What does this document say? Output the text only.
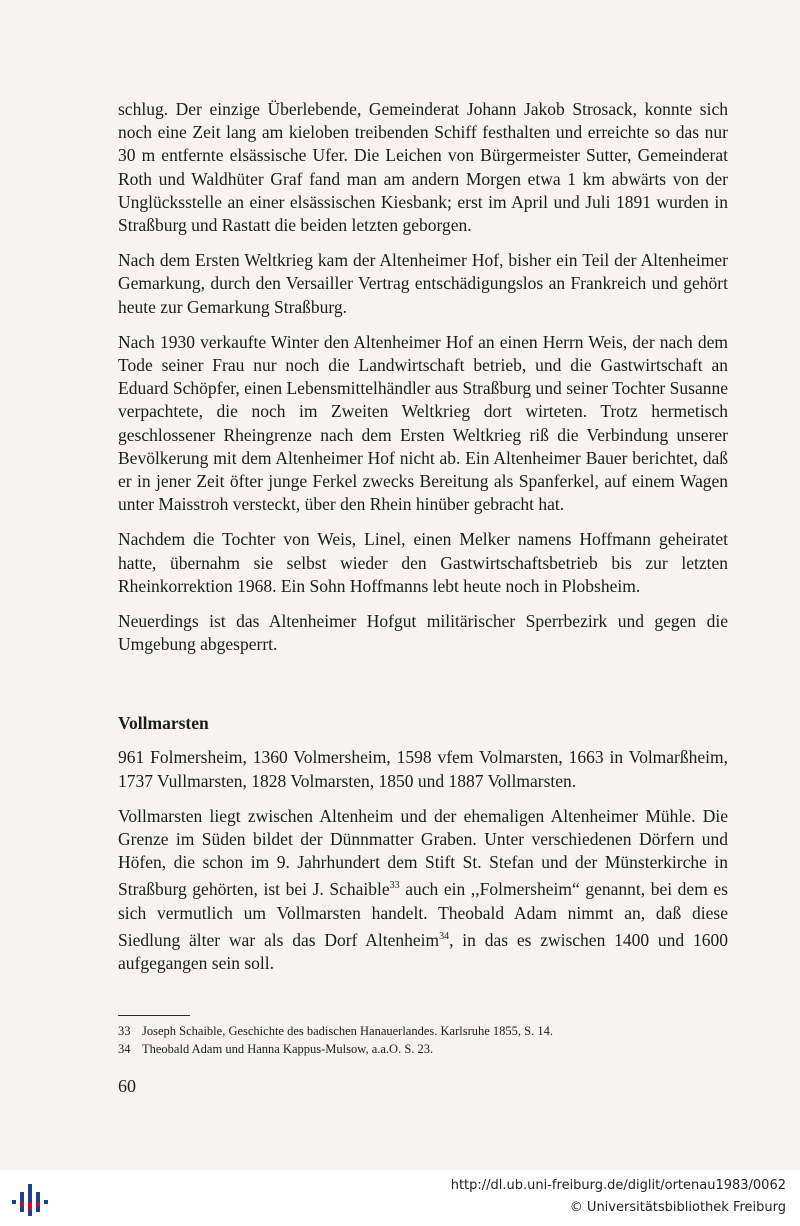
schlug. Der einzige Überlebende, Gemeinderat Johann Jakob Strosack, konnte sich noch eine Zeit lang am kieloben treibenden Schiff festhalten und erreichte so das nur 30 m entfernte elsässische Ufer. Die Leichen von Bürgermeister Sutter, Gemeinderat Roth und Waldhüter Graf fand man am andern Morgen etwa 1 km abwärts von der Unglücksstelle an einer elsässischen Kiesbank; erst im April und Juli 1891 wurden in Straßburg und Rastatt die beiden letzten geborgen.

Nach dem Ersten Weltkrieg kam der Altenheimer Hof, bisher ein Teil der Altenheimer Gemarkung, durch den Versailler Vertrag entschädigungslos an Frankreich und gehört heute zur Gemarkung Straßburg.

Nach 1930 verkaufte Winter den Altenheimer Hof an einen Herrn Weis, der nach dem Tode seiner Frau nur noch die Landwirtschaft betrieb, und die Gastwirtschaft an Eduard Schöpfer, einen Lebensmittelhändler aus Straßburg und seiner Tochter Susanne verpachtete, die noch im Zweiten Weltkrieg dort wirteten. Trotz hermetisch geschlossener Rheingrenze nach dem Ersten Weltkrieg riß die Verbindung unserer Bevölkerung mit dem Altenheimer Hof nicht ab. Ein Altenheimer Bauer berichtet, daß er in jener Zeit öfter junge Ferkel zwecks Bereitung als Spanferkel, auf einem Wagen unter Maisstroh versteckt, über den Rhein hinüber gebracht hat.

Nachdem die Tochter von Weis, Linel, einen Melker namens Hoffmann geheiratet hatte, übernahm sie selbst wieder den Gastwirtschaftsbetrieb bis zur letzten Rheinkorrektion 1968. Ein Sohn Hoffmanns lebt heute noch in Plobsheim.

Neuerdings ist das Altenheimer Hofgut militärischer Sperrbezirk und gegen die Umgebung abgesperrt.

Vollmarsten

961 Folmersheim, 1360 Volmersheim, 1598 vfem Volmarsten, 1663 in Volmarßheim, 1737 Vullmarsten, 1828 Volmarsten, 1850 und 1887 Vollmarsten.

Vollmarsten liegt zwischen Altenheim und der ehemaligen Altenheimer Mühle. Die Grenze im Süden bildet der Dünnmatter Graben. Unter verschiedenen Dörfern und Höfen, die schon im 9. Jahrhundert dem Stift St. Stefan und der Münsterkirche in Straßburg gehörten, ist bei J. Schaible$^{33}$ auch ein ,,Folmersheim“ genannt, bei dem es sich vermutlich um Vollmarsten handelt. Theobald Adam nimmt an, daß diese Siedlung älter war als das Dorf Altenheim$^{34}$, in das es zwischen 1400 und 1600 aufgegangen sein soll.

33 Joseph Schaible, Geschichte des badischen Hanauerlandes. Karlsruhe 1855, S. 14.
34 Theobald Adam und Hanna Kappus-Mulsow, a.a.O. S. 23.
60
http://dl.ub.uni-freiburg.de/diglit/ortenau1983/0062
© Universitätsbibliothek Freiburg
